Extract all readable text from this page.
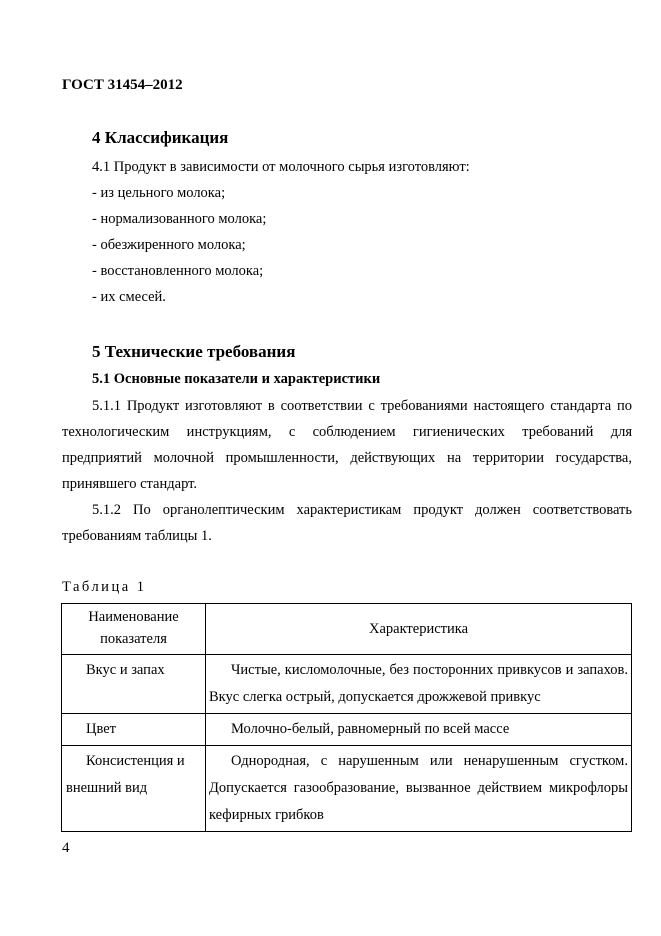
ГОСТ 31454–2012
4 Классификация
4.1 Продукт в зависимости от молочного сырья изготовляют:
- из цельного молока;
- нормализованного молока;
- обезжиренного молока;
- восстановленного молока;
- их смесей.
5 Технические требования
5.1 Основные показатели и характеристики
5.1.1 Продукт изготовляют в соответствии с требованиями настоящего стандарта по технологическим инструкциям, с соблюдением гигиенических требований для предприятий молочной промышленности, действующих на территории государства, принявшего стандарт.
5.1.2 По органолептическим характеристикам продукт должен соответствовать требованиям таблицы 1.
Таблица 1
Наименование показателя	Характеристика
Вкус и запах	Чистые, кисломолочные, без посторонних привкусов и запахов. Вкус слегка острый, допускается дрожжевой привкус
Цвет	Молочно-белый, равномерный по всей массе
Консистенция и внешний вид	Однородная, с нарушенным или ненарушенным сгустком. Допускается газообразование, вызванное действием микрофлоры кефирных грибков
4
